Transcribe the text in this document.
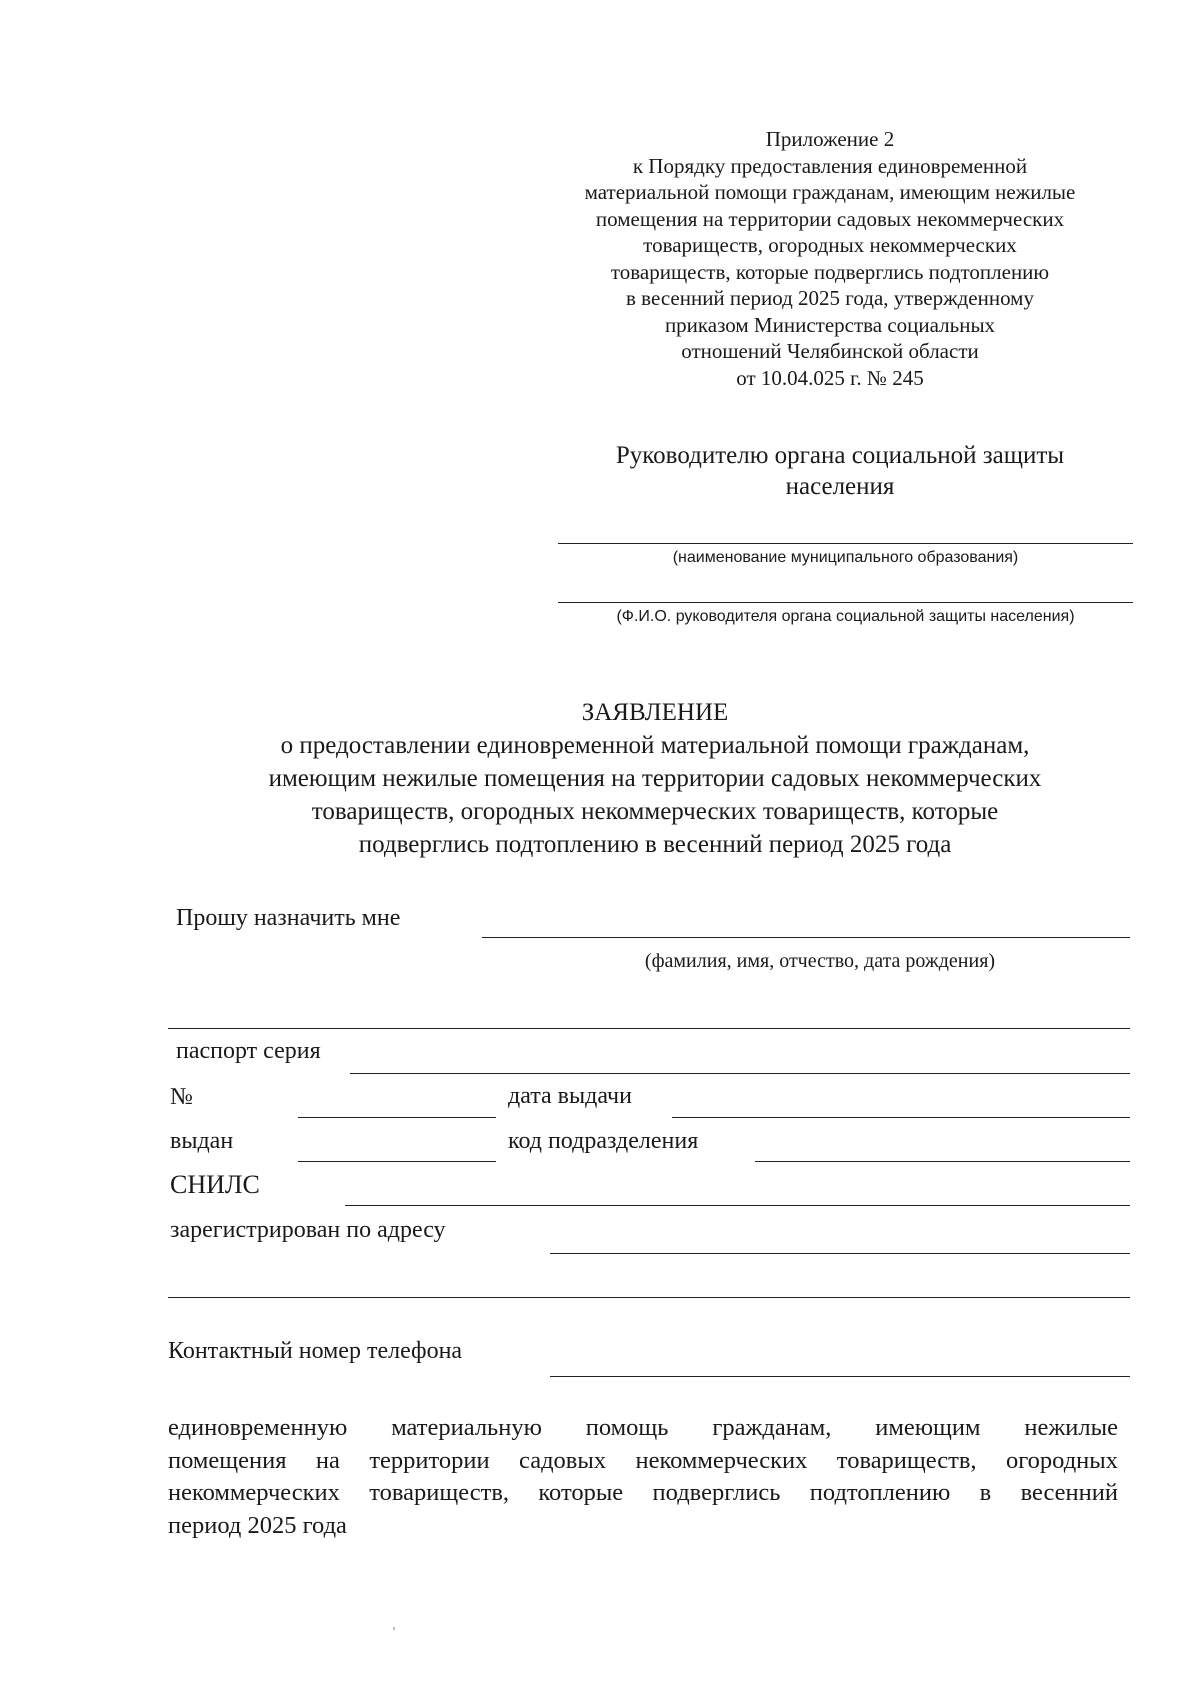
Приложение 2
к Порядку предоставления единовременной
материальной помощи гражданам, имеющим нежилые
помещения на территории садовых некоммерческих
товариществ, огородных некоммерческих
товариществ, которые подверглись подтоплению
в весенний период 2025 года, утвержденному
приказом Министерства социальных
отношений Челябинской области
от 10.04.025 г. № 245
Руководителю органа социальной защиты
населения
(наименование муниципального образования)
(Ф.И.О. руководителя органа социальной защиты населения)
ЗАЯВЛЕНИЕ
о предоставлении единовременной материальной помощи гражданам,
имеющим нежилые помещения на территории садовых некоммерческих
товариществ, огородных некоммерческих товариществ, которые
подверглись подтоплению в весенний период 2025 года
Прошу назначить мне
(фамилия, имя, отчество, дата рождения)
паспорт серия
№	дата выдачи
выдан	код подразделения
СНИЛС
зарегистрирован по адресу
Контактный номер телефона
единовременную материальную помощь гражданам, имеющим нежилые
помещения на территории садовых некоммерческих товариществ, огородных
некоммерческих товариществ, которые подверглись подтоплению в весенний
период 2025 года
